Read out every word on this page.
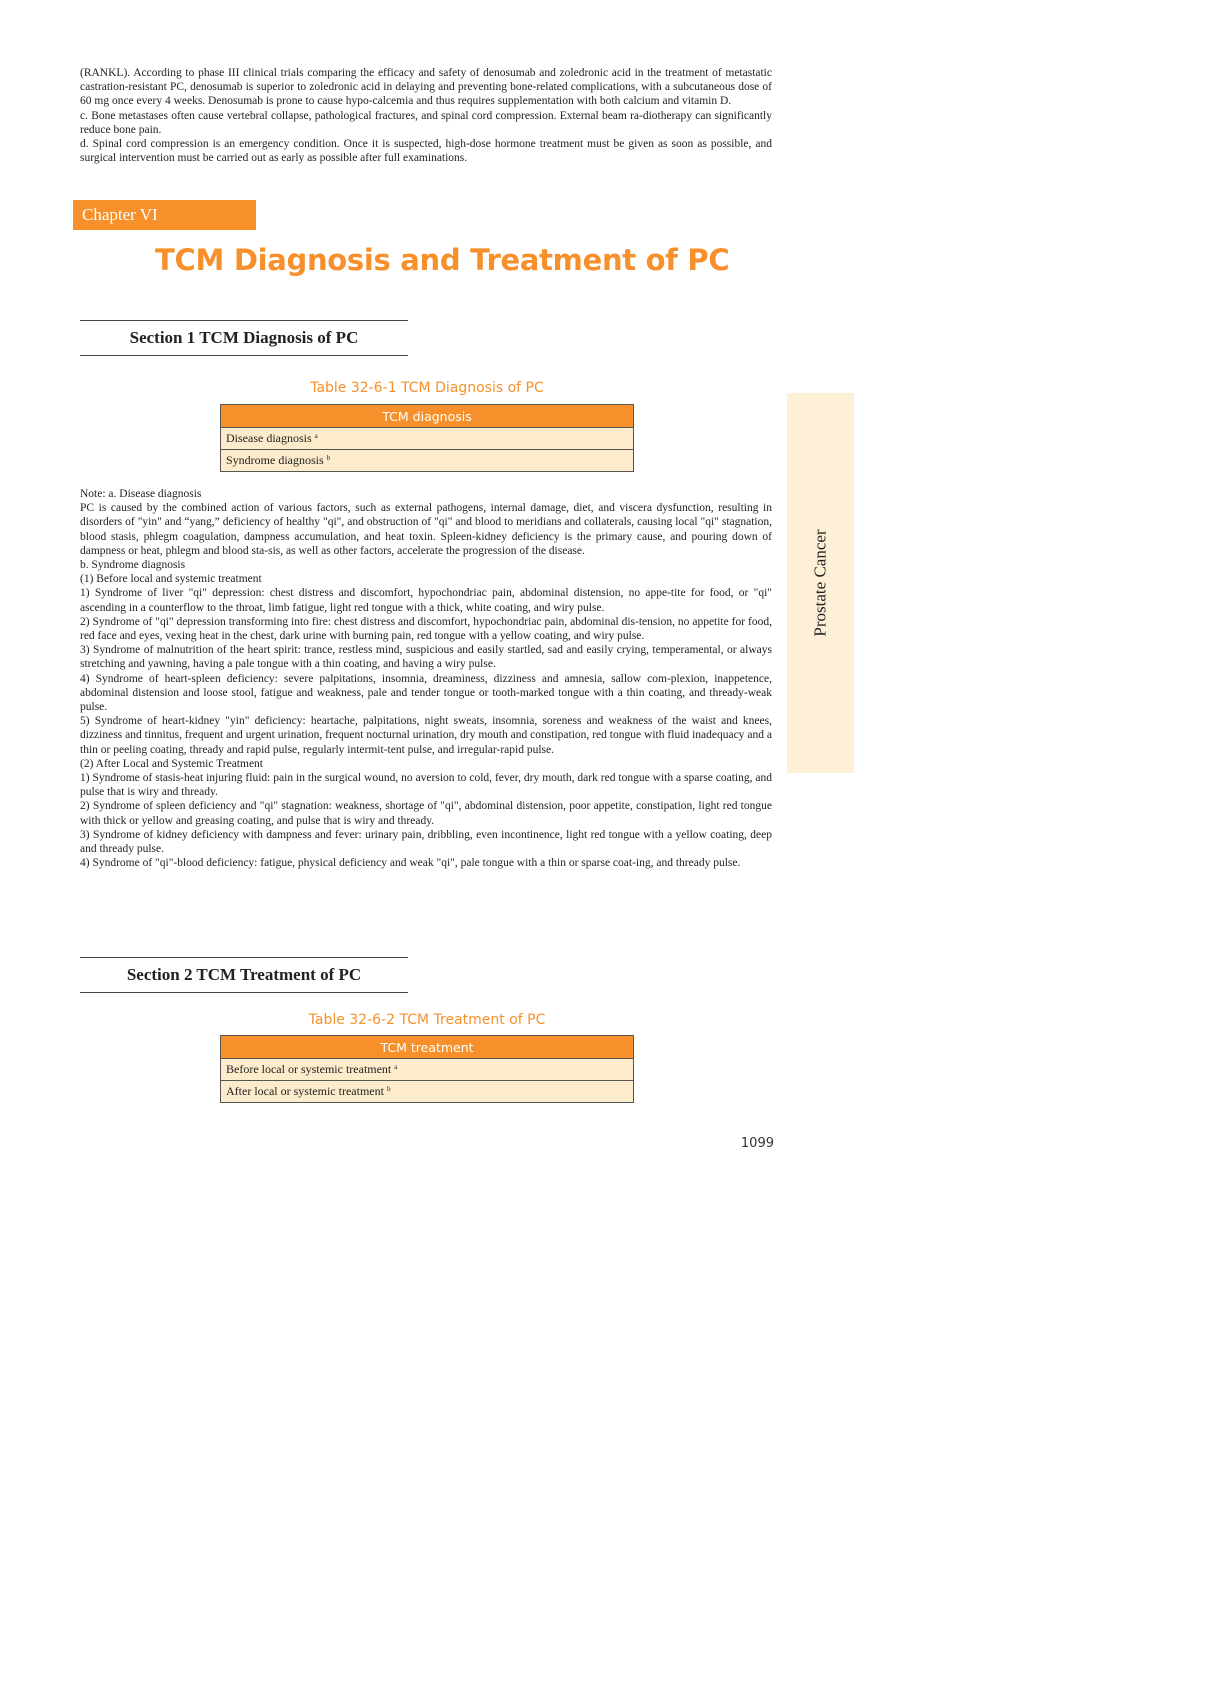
(RANKL). According to phase III clinical trials comparing the efficacy and safety of denosumab and zoledronic acid in the treatment of metastatic castration-resistant PC, denosumab is superior to zoledronic acid in delaying and preventing bone-related complications, with a subcutaneous dose of 60 mg once every 4 weeks. Denosumab is prone to cause hypo-calcemia and thus requires supplementation with both calcium and vitamin D.

c. Bone metastases often cause vertebral collapse, pathological fractures, and spinal cord compression. External beam ra-diotherapy can significantly reduce bone pain.

d. Spinal cord compression is an emergency condition. Once it is suspected, high-dose hormone treatment must be given as soon as possible, and surgical intervention must be carried out as early as possible after full examinations.

Chapter VI
TCM Diagnosis and Treatment of PC
Section 1 TCM Diagnosis of PC
Table 32-6-1 TCM Diagnosis of PC
TCM diagnosis
Disease diagnosis $^a$
Syndrome diagnosis $^b$

Note: a. Disease diagnosis

PC is caused by the combined action of various factors, such as external pathogens, internal damage, diet, and viscera dysfunction, resulting in disorders of "yin" and “yang,” deficiency of healthy "qi", and obstruction of "qi" and blood to meridians and collaterals, causing local "qi" stagnation, blood stasis, phlegm coagulation, dampness accumulation, and heat toxin. Spleen-kidney deficiency is the primary cause, and pouring down of dampness or heat, phlegm and blood sta-sis, as well as other factors, accelerate the progression of the disease.

b. Syndrome diagnosis

(1) Before local and systemic treatment

1) Syndrome of liver "qi" depression: chest distress and discomfort, hypochondriac pain, abdominal distension, no appe-tite for food, or "qi" ascending in a counterflow to the throat, limb fatigue, light red tongue with a thick, white coating, and wiry pulse.

2) Syndrome of "qi" depression transforming into fire: chest distress and discomfort, hypochondriac pain, abdominal dis-tension, no appetite for food, red face and eyes, vexing heat in the chest, dark urine with burning pain, red tongue with a yellow coating, and wiry pulse.

3) Syndrome of malnutrition of the heart spirit: trance, restless mind, suspicious and easily startled, sad and easily crying, temperamental, or always stretching and yawning, having a pale tongue with a thin coating, and having a wiry pulse.

4) Syndrome of heart-spleen deficiency: severe palpitations, insomnia, dreaminess, dizziness and amnesia, sallow com-plexion, inappetence, abdominal distension and loose stool, fatigue and weakness, pale and tender tongue or tooth-marked tongue with a thin coating, and thready-weak pulse.

5) Syndrome of heart-kidney "yin" deficiency: heartache, palpitations, night sweats, insomnia, soreness and weakness of the waist and knees, dizziness and tinnitus, frequent and urgent urination, frequent nocturnal urination, dry mouth and constipation, red tongue with fluid inadequacy and a thin or peeling coating, thready and rapid pulse, regularly intermit-tent pulse, and irregular-rapid pulse.

(2) After Local and Systemic Treatment

1) Syndrome of stasis-heat injuring fluid: pain in the surgical wound, no aversion to cold, fever, dry mouth, dark red tongue with a sparse coating, and pulse that is wiry and thready.

2) Syndrome of spleen deficiency and "qi" stagnation: weakness, shortage of "qi", abdominal distension, poor appetite, constipation, light red tongue with thick or yellow and greasing coating, and pulse that is wiry and thready.

3) Syndrome of kidney deficiency with dampness and fever: urinary pain, dribbling, even incontinence, light red tongue with a yellow coating, deep and thready pulse.

4) Syndrome of "qi"-blood deficiency: fatigue, physical deficiency and weak "qi", pale tongue with a thin or sparse coat-ing, and thready pulse.

Section 2 TCM Treatment of PC
Table 32-6-2 TCM Treatment of PC
TCM treatment
Before local or systemic treatment $^a$
After local or systemic treatment $^b$
Prostate Cancer
1099
